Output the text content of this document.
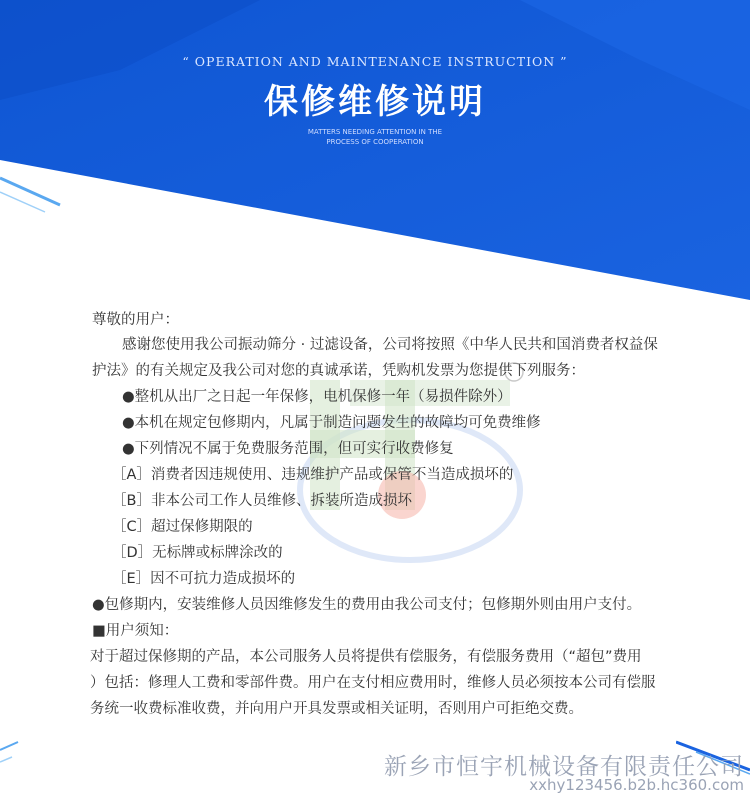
“ OPERATION AND MAINTENANCE INSTRUCTION ”
保修维修说明
MATTERS NEEDING ATTENTION IN THE
PROCESS OF COOPERATION
尊敬的用户：
感谢您使用我公司振动筛分 · 过滤设备，公司将按照《中华人民共和国消费者权益保
护法》的有关规定及我公司对您的真诚承诺，凭购机发票为您提供下列服务：
●整机从出厂之日起一年保修，电机保修一年（易损件除外）
●本机在规定包修期内，凡属于制造问题发生的故障均可免费维修
●下列情况不属于免费服务范围，但可实行收费修复
［A］消费者因违规使用、违规维护产品或保管不当造成损坏的
［B］非本公司工作人员维修、拆装所造成损坏
［C］超过保修期限的
［D］无标牌或标牌涂改的
［E］因不可抗力造成损坏的
●包修期内，安装维修人员因维修发生的费用由我公司支付；包修期外则由用户支付。
■用户须知：
对于超过保修期的产品，本公司服务人员将提供有偿服务，有偿服务费用（“超包”费用
）包括：修理人工费和零部件费。用户在支付相应费用时，维修人员必须按本公司有偿服
务统一收费标准收费，并向用户开具发票或相关证明，否则用户可拒绝交费。
新乡市恒宇机械设备有限责任公司
xxhy123456.b2b.hc360.com
